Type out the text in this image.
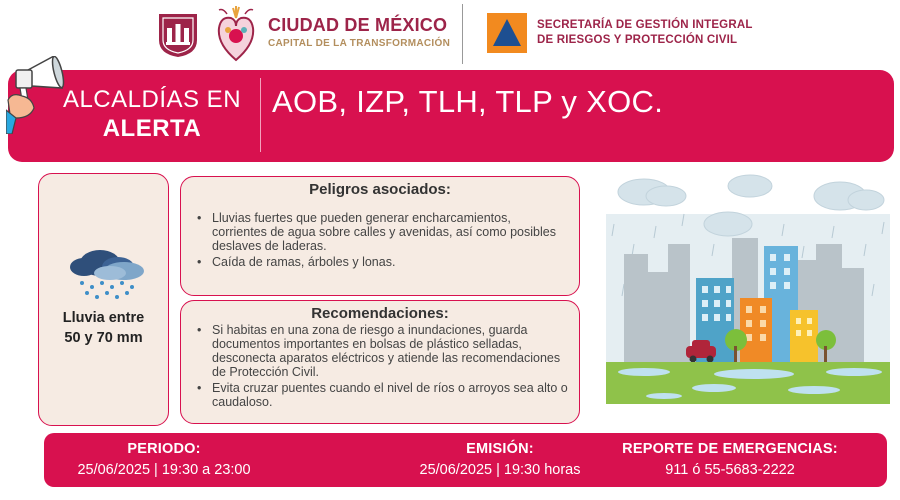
CIUDAD DE MÉXICO
CAPITAL DE LA TRANSFORMACIÓN
SECRETARÍA DE GESTIÓN INTEGRAL
DE RIESGOS Y PROTECCIÓN CIVIL
ALCALDÍAS EN
ALERTA
AOB, IZP, TLH, TLP y XOC.
Lluvia entre
50 y 70 mm
Peligros asociados:
• Lluvias fuertes que pueden generar encharcamientos, corrientes de agua sobre calles y avenidas, así como posibles deslaves de laderas.
• Caída de ramas, árboles y lonas.
Recomendaciones:
• Si habitas en una zona de riesgo a inundaciones, guarda documentos importantes en bolsas de plástico selladas, desconecta aparatos eléctricos y atiende las recomendaciones de Protección Civil.
• Evita cruzar puentes cuando el nivel de ríos o arroyos sea alto o caudaloso.
PERIODO:
25/06/2025 | 19:30 a 23:00
EMISIÓN:
25/06/2025 | 19:30 horas
REPORTE DE EMERGENCIAS:
911 ó 55-5683-2222
